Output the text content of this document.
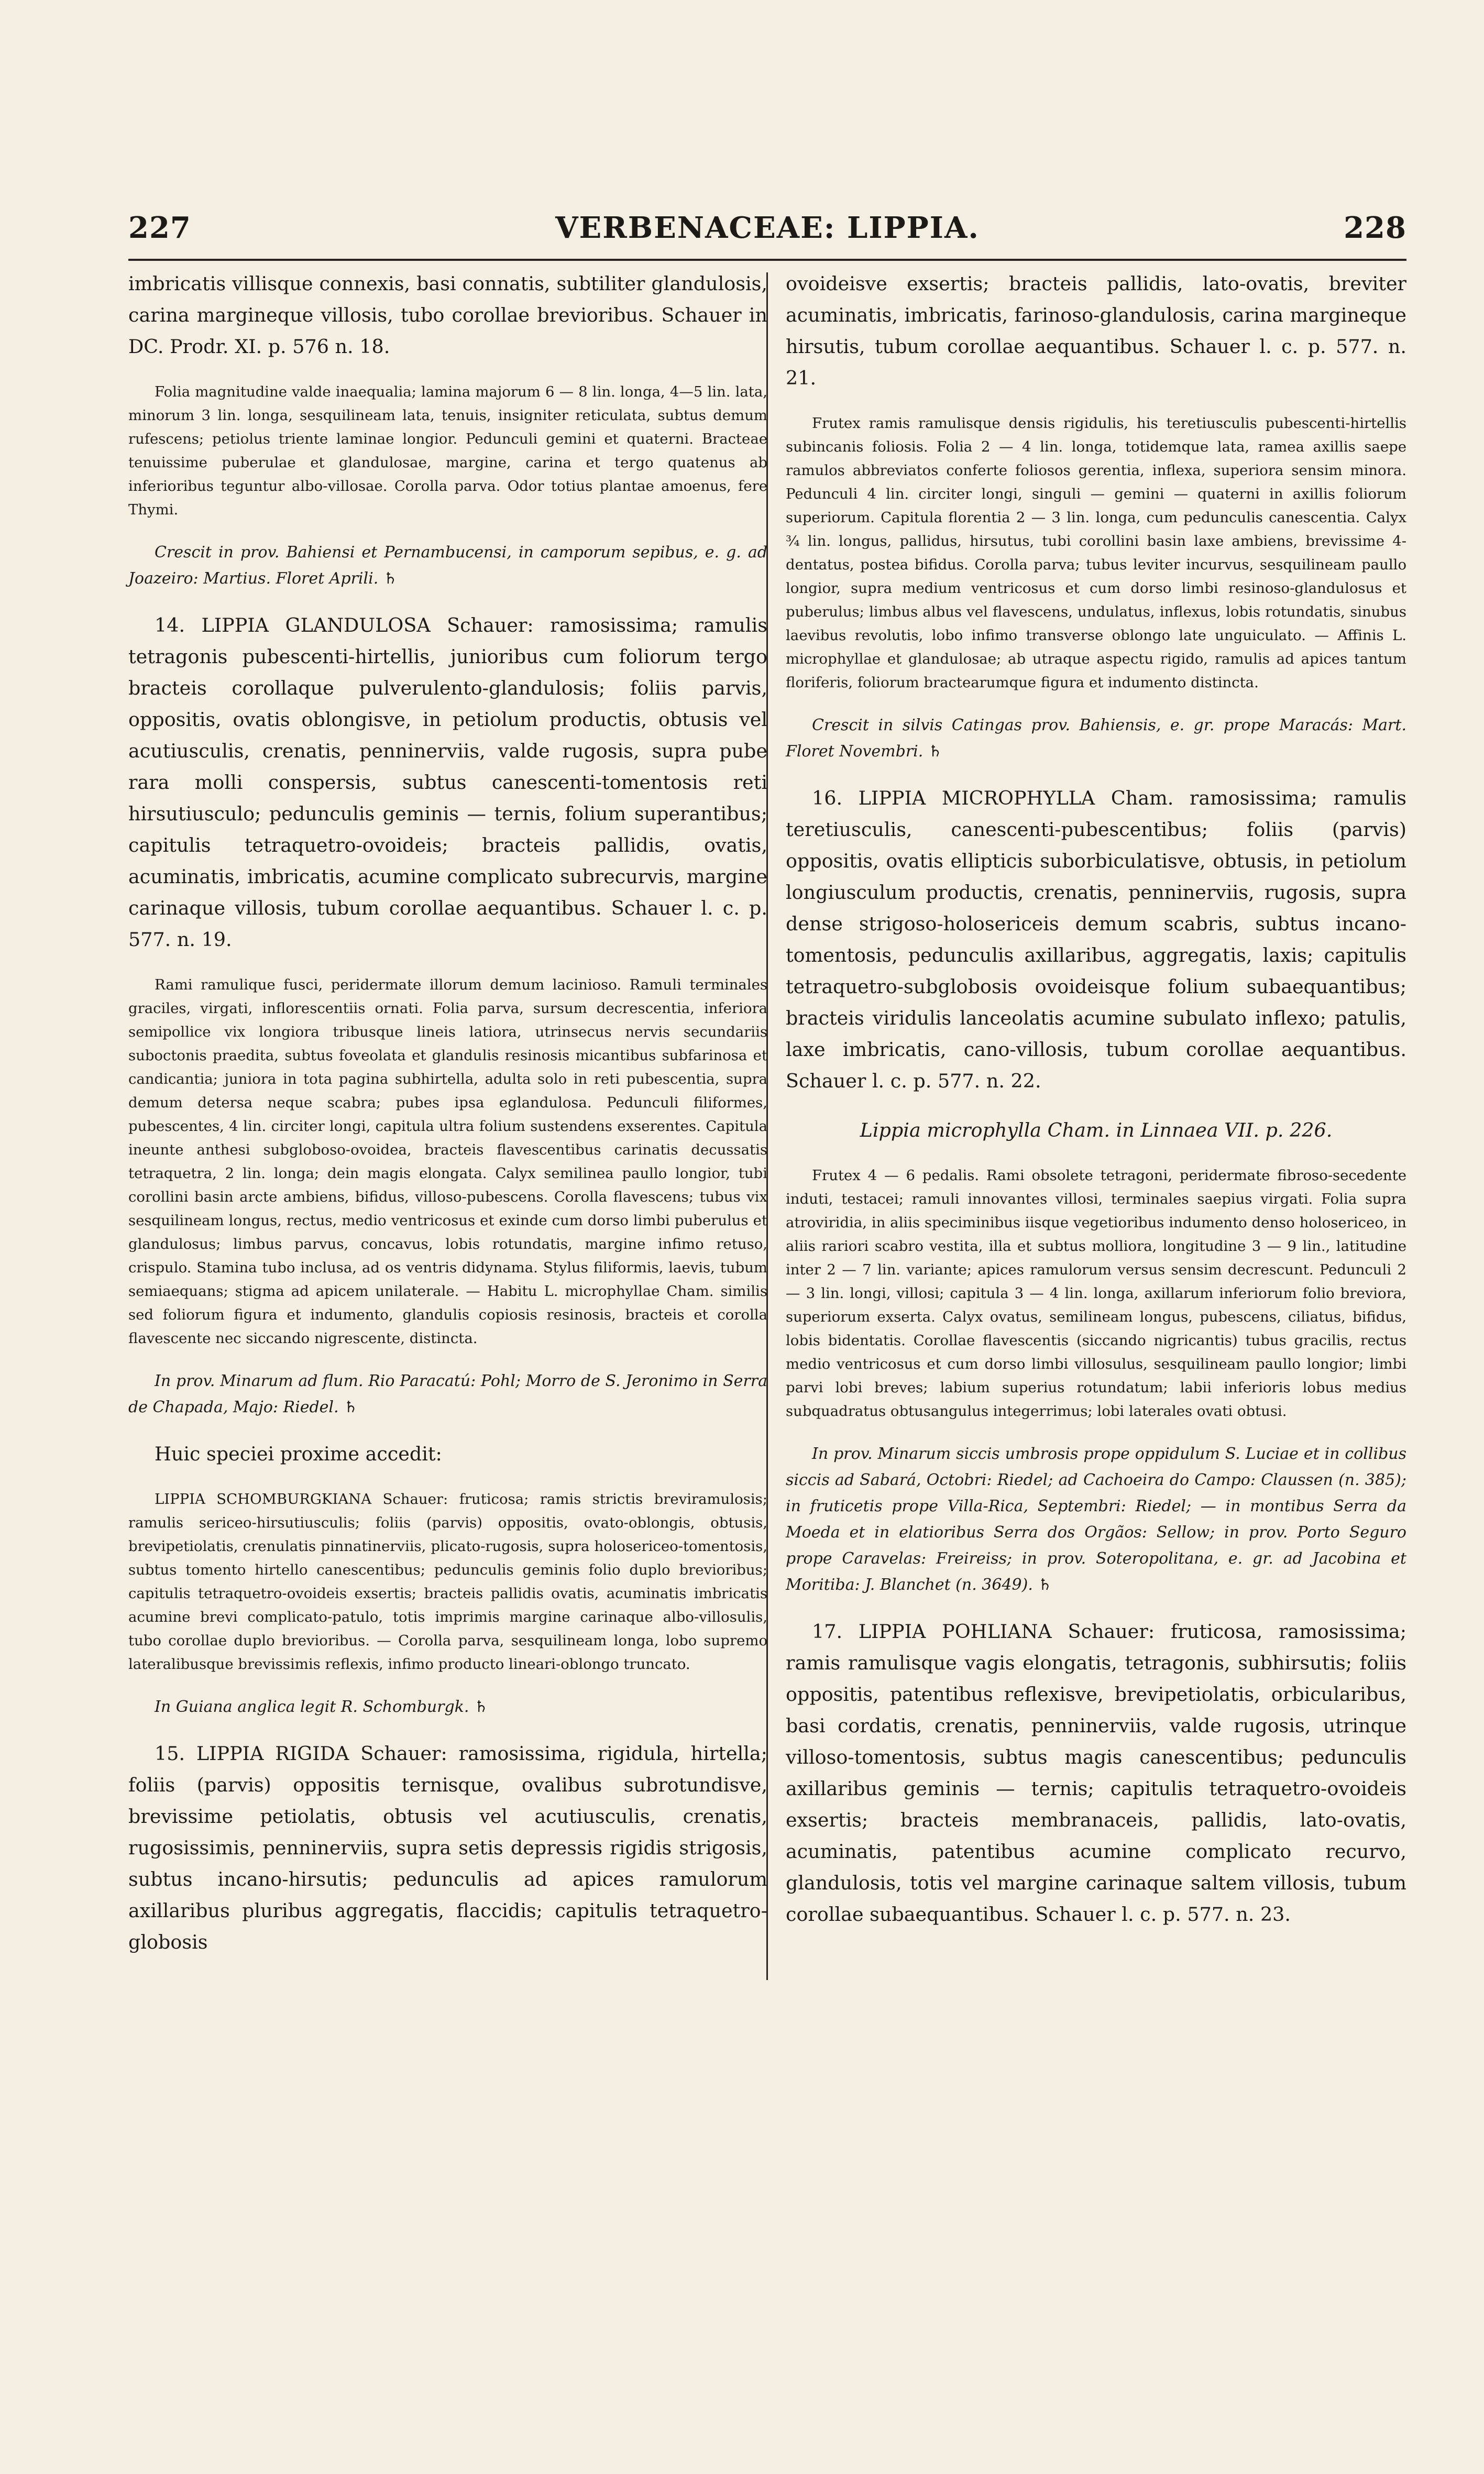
227	VERBENACEAE: LIPPIA.	228

imbricatis villisque connexis, basi connatis, subtiliter glandulosis, carina margineque villosis, tubo corollae brevioribus. Schauer in DC. Prodr. XI. p. 576 n. 18.

Folia magnitudine valde inaequalia; lamina majorum 6 — 8 lin. longa, 4—5 lin. lata, minorum 3 lin. longa, sesquilineam lata, tenuis, insigniter reticulata, subtus demum rufescens; petiolus triente laminae longior. Pedunculi gemini et quaterni. Bracteae tenuissime puberulae et glandulosae, margine, carina et tergo quatenus ab inferioribus teguntur albo-villosae. Corolla parva. Odor totius plantae amoenus, fere Thymi.

Crescit in prov. Bahiensi et Pernambucensi, in camporum sepibus, e. g. ad Joazeiro: Martius. Floret Aprili. ♄

14. LIPPIA GLANDULOSA Schauer: ramosissima; ramulis tetragonis pubescenti-hirtellis, junioribus cum foliorum tergo bracteis corollaque pulverulento-glandulosis; foliis parvis, oppositis, ovatis oblongisve, in petiolum productis, obtusis vel acutiusculis, crenatis, penninerviis, valde rugosis, supra pube rara molli conspersis, subtus canescenti-tomentosis reti hirsutiusculo; pedunculis geminis — ternis, folium superantibus; capitulis tetraquetro-ovoideis; bracteis pallidis, ovatis, acuminatis, imbricatis, acumine complicato subrecurvis, margine carinaque villosis, tubum corollae aequantibus. Schauer l. c. p. 577. n. 19.

Rami ramulique fusci, peridermate illorum demum lacinioso. Ramuli terminales graciles, virgati, inflorescentiis ornati. Folia parva, sursum decrescentia, inferiora semipollice vix longiora tribusque lineis latiora, utrinsecus nervis secundariis suboctonis praedita, subtus foveolata et glandulis resinosis micantibus subfarinosa et candicantia; juniora in tota pagina subhirtella, adulta solo in reti pubescentia, supra demum detersa neque scabra; pubes ipsa eglandulosa. Pedunculi filiformes, pubescentes, 4 lin. circiter longi, capitula ultra folium sustendens exserentes. Capitula ineunte anthesi subgloboso-ovoidea, bracteis flavescentibus carinatis decussatis tetraquetra, 2 lin. longa; dein magis elongata. Calyx semilinea paullo longior, tubi corollini basin arcte ambiens, bifidus, villoso-pubescens. Corolla flavescens; tubus vix sesquilineam longus, rectus, medio ventricosus et exinde cum dorso limbi puberulus et glandulosus; limbus parvus, concavus, lobis rotundatis, margine infimo retuso, crispulo. Stamina tubo inclusa, ad os ventris didynama. Stylus filiformis, laevis, tubum semiaequans; stigma ad apicem unilaterale. — Habitu L. microphyllae Cham. similis sed foliorum figura et indumento, glandulis copiosis resinosis, bracteis et corolla flavescente nec siccando nigrescente, distincta.

In prov. Minarum ad flum. Rio Paracatú: Pohl; Morro de S. Jeronimo in Serra de Chapada, Majo: Riedel. ♄

Huic speciei proxime accedit:

LIPPIA SCHOMBURGKIANA Schauer: fruticosa; ramis strictis breviramulosis; ramulis sericeo-hirsutiusculis; foliis (parvis) oppositis, ovato-oblongis, obtusis, brevipetiolatis, crenulatis pinnatinerviis, plicato-rugosis, supra holosericeo-tomentosis, subtus tomento hirtello canescentibus; pedunculis geminis folio duplo brevioribus; capitulis tetraquetro-ovoideis exsertis; bracteis pallidis ovatis, acuminatis imbricatis acumine brevi complicato-patulo, totis imprimis margine carinaque albo-villosulis, tubo corollae duplo brevioribus. — Corolla parva, sesquilineam longa, lobo supremo lateralibusque brevissimis reflexis, infimo producto lineari-oblongo truncato.

In Guiana anglica legit R. Schomburgk. ♄

15. LIPPIA RIGIDA Schauer: ramosissima, rigidula, hirtella; foliis (parvis) oppositis ternisque, ovalibus subrotundisve, brevissime petiolatis, obtusis vel acutiusculis, crenatis, rugosissimis, penninerviis, supra setis depressis rigidis strigosis, subtus incano-hirsutis; pedunculis ad apices ramulorum axillaribus pluribus aggregatis, flaccidis; capitulis tetraquetro-globosis

ovoideisve exsertis; bracteis pallidis, lato-ovatis, breviter acuminatis, imbricatis, farinoso-glandulosis, carina margineque hirsutis, tubum corollae aequantibus. Schauer l. c. p. 577. n. 21.

Frutex ramis ramulisque densis rigidulis, his teretiusculis pubescenti-hirtellis subincanis foliosis. Folia 2 — 4 lin. longa, totidemque lata, ramea axillis saepe ramulos abbreviatos conferte foliosos gerentia, inflexa, superiora sensim minora. Pedunculi 4 lin. circiter longi, singuli — gemini — quaterni in axillis foliorum superiorum. Capitula florentia 2 — 3 lin. longa, cum pedunculis canescentia. Calyx ¾ lin. longus, pallidus, hirsutus, tubi corollini basin laxe ambiens, brevissime 4-dentatus, postea bifidus. Corolla parva; tubus leviter incurvus, sesquilineam paullo longior, supra medium ventricosus et cum dorso limbi resinoso-glandulosus et puberulus; limbus albus vel flavescens, undulatus, inflexus, lobis rotundatis, sinubus laevibus revolutis, lobo infimo transverse oblongo late unguiculato. — Affinis L. microphyllae et glandulosae; ab utraque aspectu rigido, ramulis ad apices tantum floriferis, foliorum bractearumque figura et indumento distincta.

Crescit in silvis Catingas prov. Bahiensis, e. gr. prope Maracás: Mart. Floret Novembri. ♄

16. LIPPIA MICROPHYLLA Cham. ramosissima; ramulis teretiusculis, canescenti-pubescentibus; foliis (parvis) oppositis, ovatis ellipticis suborbiculatisve, obtusis, in petiolum longiusculum productis, crenatis, penninerviis, rugosis, supra dense strigoso-holosericeis demum scabris, subtus incano-tomentosis, pedunculis axillaribus, aggregatis, laxis; capitulis tetraquetro-subglobosis ovoideisque folium subaequantibus; bracteis viridulis lanceolatis acumine subulato inflexo; patulis, laxe imbricatis, cano-villosis, tubum corollae aequantibus. Schauer l. c. p. 577. n. 22.

Lippia microphylla Cham. in Linnaea VII. p. 226.

Frutex 4 — 6 pedalis. Rami obsolete tetragoni, peridermate fibroso-secedente induti, testacei; ramuli innovantes villosi, terminales saepius virgati. Folia supra atroviridia, in aliis speciminibus iisque vegetioribus indumento denso holosericeo, in aliis rariori scabro vestita, illa et subtus molliora, longitudine 3 — 9 lin., latitudine inter 2 — 7 lin. variante; apices ramulorum versus sensim decrescunt. Pedunculi 2 — 3 lin. longi, villosi; capitula 3 — 4 lin. longa, axillarum inferiorum folio breviora, superiorum exserta. Calyx ovatus, semilineam longus, pubescens, ciliatus, bifidus, lobis bidentatis. Corollae flavescentis (siccando nigricantis) tubus gracilis, rectus medio ventricosus et cum dorso limbi villosulus, sesquilineam paullo longior; limbi parvi lobi breves; labium superius rotundatum; labii inferioris lobus medius subquadratus obtusangulus integerrimus; lobi laterales ovati obtusi.

In prov. Minarum siccis umbrosis prope oppidulum S. Luciae et in collibus siccis ad Sabará, Octobri: Riedel; ad Cachoeira do Campo: Claussen (n. 385); in fruticetis prope Villa-Rica, Septembri: Riedel; — in montibus Serra da Moeda et in elatioribus Serra dos Orgãos: Sellow; in prov. Porto Seguro prope Caravelas: Freireiss; in prov. Soteropolitana, e. gr. ad Jacobina et Moritiba: J. Blanchet (n. 3649). ♄

17. LIPPIA POHLIANA Schauer: fruticosa, ramosissima; ramis ramulisque vagis elongatis, tetragonis, subhirsutis; foliis oppositis, patentibus reflexisve, brevipetiolatis, orbicularibus, basi cordatis, crenatis, penninerviis, valde rugosis, utrinque villoso-tomentosis, subtus magis canescentibus; pedunculis axillaribus geminis — ternis; capitulis tetraquetro-ovoideis exsertis; bracteis membranaceis, pallidis, lato-ovatis, acuminatis, patentibus acumine complicato recurvo, glandulosis, totis vel margine carinaque saltem villosis, tubum corollae subaequantibus. Schauer l. c. p. 577. n. 23.
